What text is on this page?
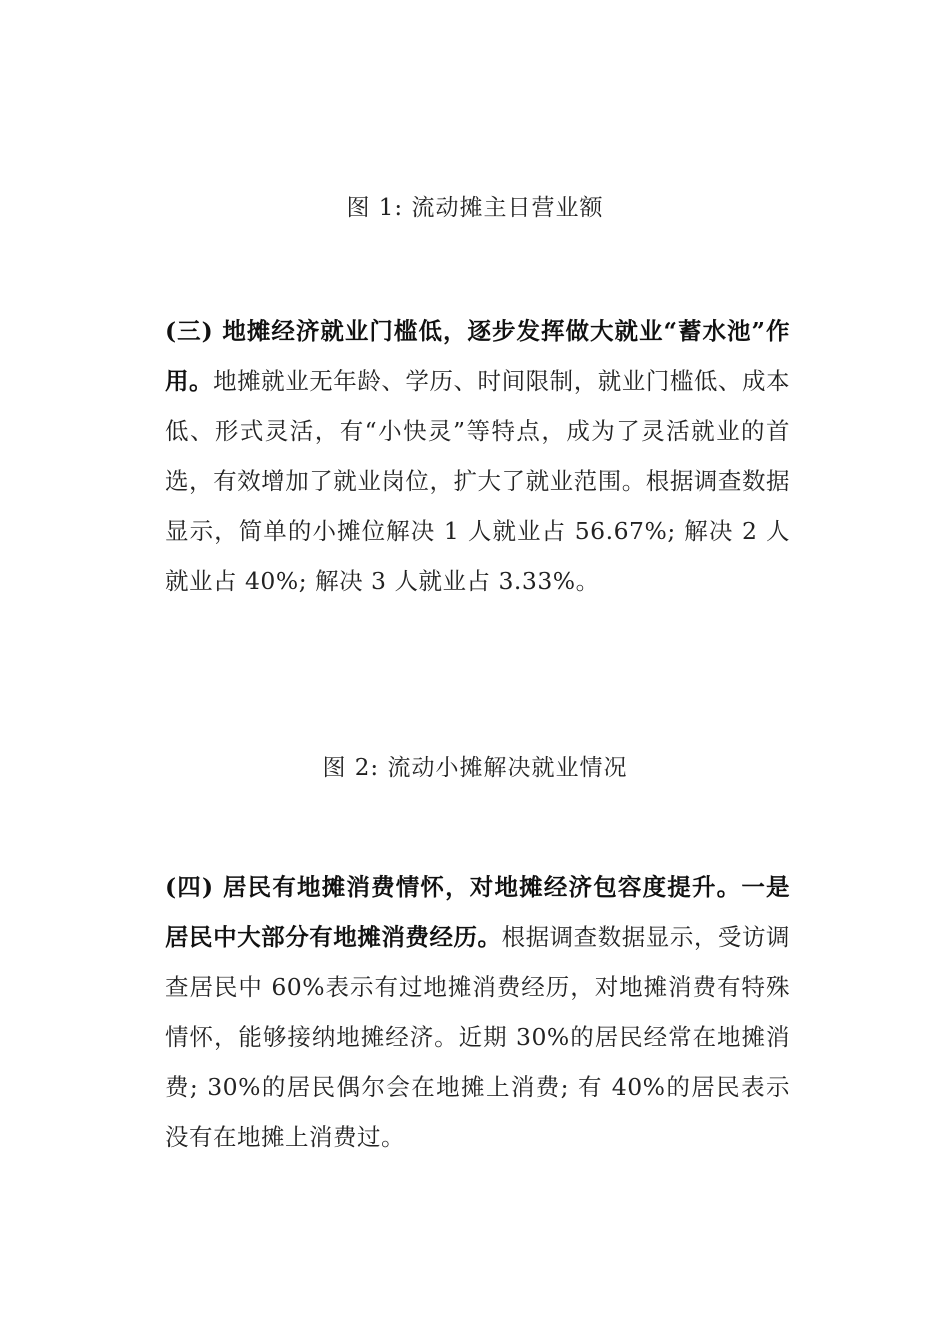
图 1: 流动摊主日营业额

(三) 地摊经济就业门槛低，逐步发挥做大就业“蓄水池”作用。地摊就业无年龄、学历、时间限制，就业门槛低、成本低、形式灵活，有“小快灵”等特点，成为了灵活就业的首选，有效增加了就业岗位，扩大了就业范围。根据调查数据显示，简单的小摊位解决 1 人就业占 56.67%; 解决 2 人就业占 40%; 解决 3 人就业占 3.33%。

图 2: 流动小摊解决就业情况

(四) 居民有地摊消费情怀，对地摊经济包容度提升。一是居民中大部分有地摊消费经历。根据调查数据显示，受访调查居民中 60%表示有过地摊消费经历，对地摊消费有特殊情怀，能够接纳地摊经济。近期 30%的居民经常在地摊消费; 30%的居民偶尔会在地摊上消费; 有 40%的居民表示没有在地摊上消费过。
